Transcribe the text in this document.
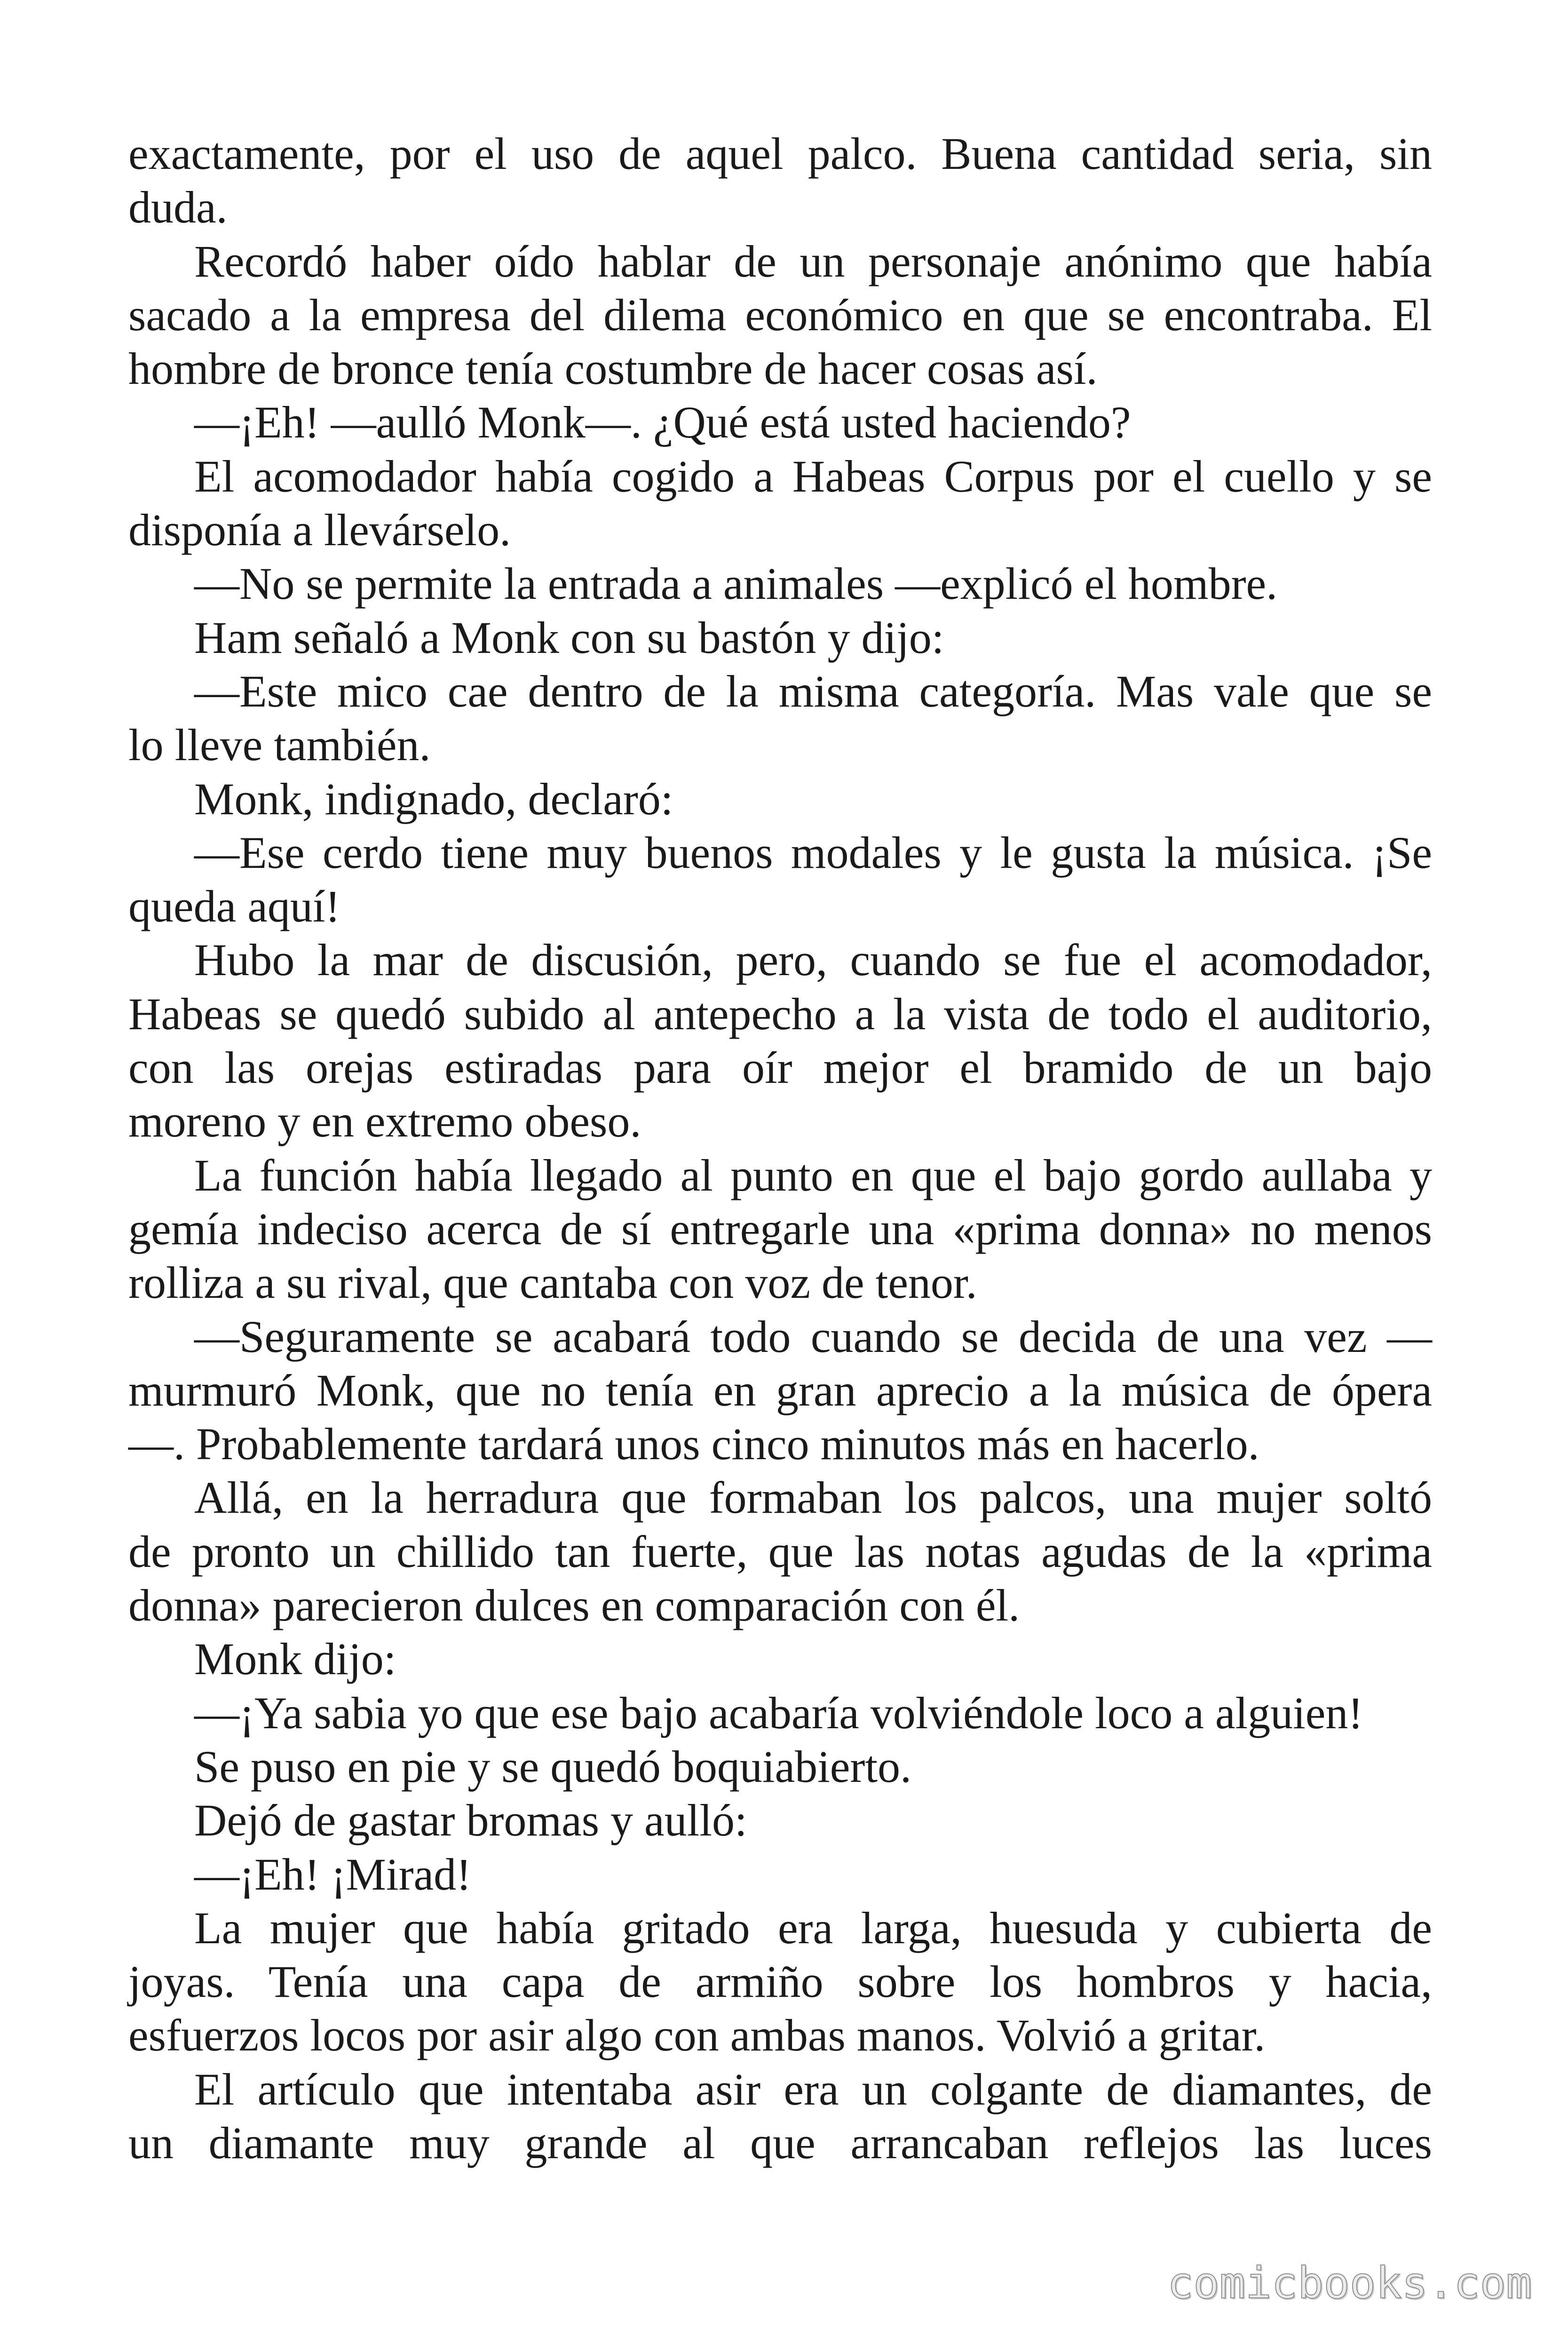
exactamente, por el uso de aquel palco. Buena cantidad seria, sin
duda.
Recordó haber oído hablar de un personaje anónimo que había
sacado a la empresa del dilema económico en que se encontraba. El
hombre de bronce tenía costumbre de hacer cosas así.
—¡Eh! —aulló Monk—. ¿Qué está usted haciendo?
El acomodador había cogido a Habeas Corpus por el cuello y se
disponía a llevárselo.
—No se permite la entrada a animales —explicó el hombre.
Ham señaló a Monk con su bastón y dijo:
—Este mico cae dentro de la misma categoría. Mas vale que se
lo lleve también.
Monk, indignado, declaró:
—Ese cerdo tiene muy buenos modales y le gusta la música. ¡Se
queda aquí!
Hubo la mar de discusión, pero, cuando se fue el acomodador,
Habeas se quedó subido al antepecho a la vista de todo el auditorio,
con las orejas estiradas para oír mejor el bramido de un bajo
moreno y en extremo obeso.
La función había llegado al punto en que el bajo gordo aullaba y
gemía indeciso acerca de sí entregarle una «prima donna» no menos
rolliza a su rival, que cantaba con voz de tenor.
—Seguramente se acabará todo cuando se decida de una vez —
murmuró Monk, que no tenía en gran aprecio a la música de ópera
—. Probablemente tardará unos cinco minutos más en hacerlo.
Allá, en la herradura que formaban los palcos, una mujer soltó
de pronto un chillido tan fuerte, que las notas agudas de la «prima
donna» parecieron dulces en comparación con él.
Monk dijo:
—¡Ya sabia yo que ese bajo acabaría volviéndole loco a alguien!
Se puso en pie y se quedó boquiabierto.
Dejó de gastar bromas y aulló:
—¡Eh! ¡Mirad!
La mujer que había gritado era larga, huesuda y cubierta de
joyas. Tenía una capa de armiño sobre los hombros y hacia,
esfuerzos locos por asir algo con ambas manos. Volvió a gritar.
El artículo que intentaba asir era un colgante de diamantes, de
un diamante muy grande al que arrancaban reflejos las luces
comicbooks.com
